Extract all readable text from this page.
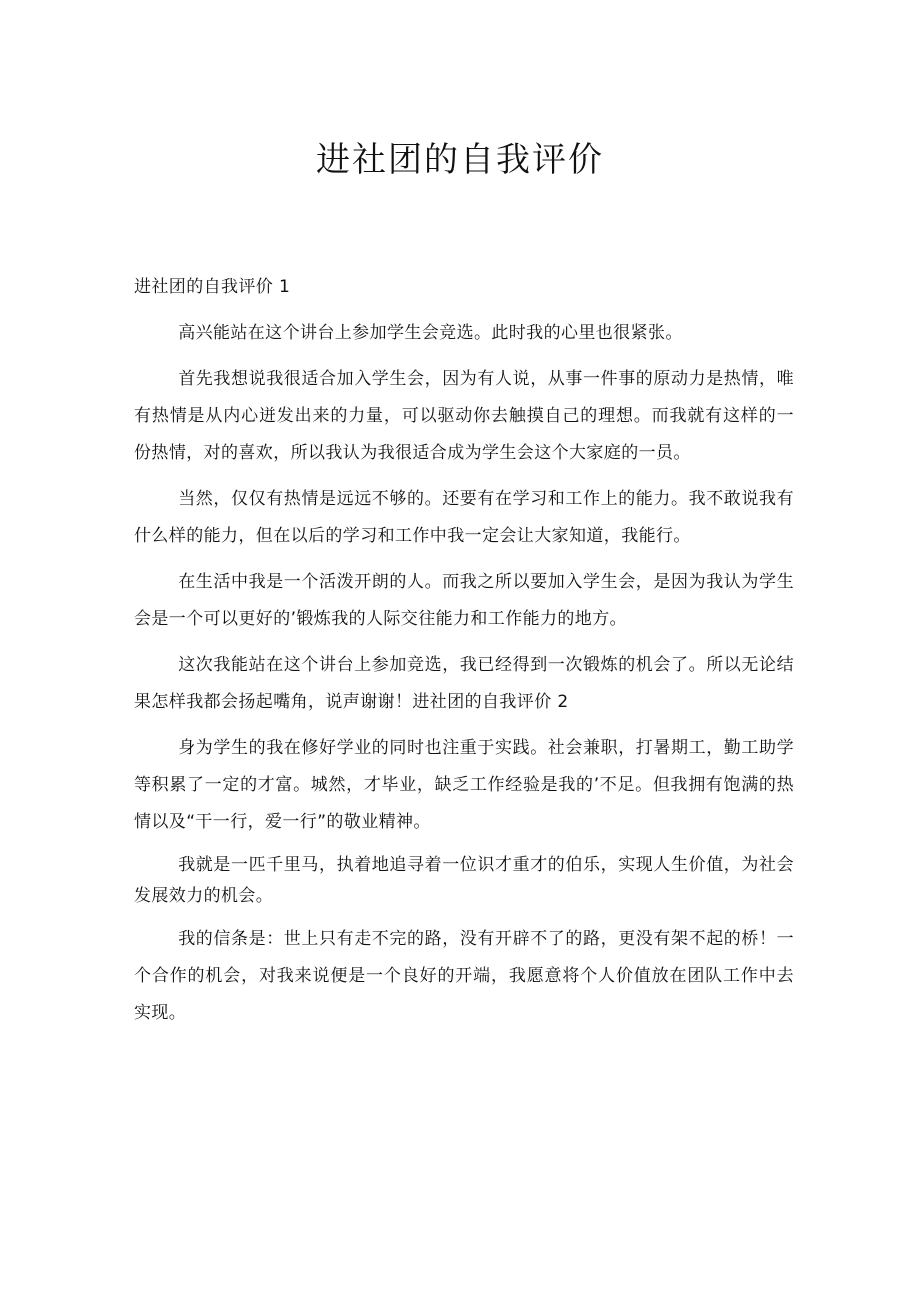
进社团的自我评价

进社团的自我评价 1

高兴能站在这个讲台上参加学生会竞选。此时我的心里也很紧张。

首先我想说我很适合加入学生会，因为有人说，从事一件事的原动力是热情，唯有热情是从内心迸发出来的力量，可以驱动你去触摸自己的理想。而我就有这样的一份热情，对的喜欢，所以我认为我很适合成为学生会这个大家庭的一员。

当然，仅仅有热情是远远不够的。还要有在学习和工作上的能力。我不敢说我有什么样的能力，但在以后的学习和工作中我一定会让大家知道，我能行。

在生活中我是一个活泼开朗的人。而我之所以要加入学生会，是因为我认为学生会是一个可以更好的’锻炼我的人际交往能力和工作能力的地方。

这次我能站在这个讲台上参加竞选，我已经得到一次锻炼的机会了。所以无论结果怎样我都会扬起嘴角，说声谢谢！进社团的自我评价 2

身为学生的我在修好学业的同时也注重于实践。社会兼职，打暑期工，勤工助学等积累了一定的才富。城然，才毕业，缺乏工作经验是我的’不足。但我拥有饱满的热情以及“干一行，爱一行”的敬业精神。

我就是一匹千里马，执着地追寻着一位识才重才的伯乐，实现人生价值，为社会发展效力的机会。

我的信条是：世上只有走不完的路，没有开辟不了的路，更没有架不起的桥！一个合作的机会，对我来说便是一个良好的开端，我愿意将个人价值放在团队工作中去实现。
